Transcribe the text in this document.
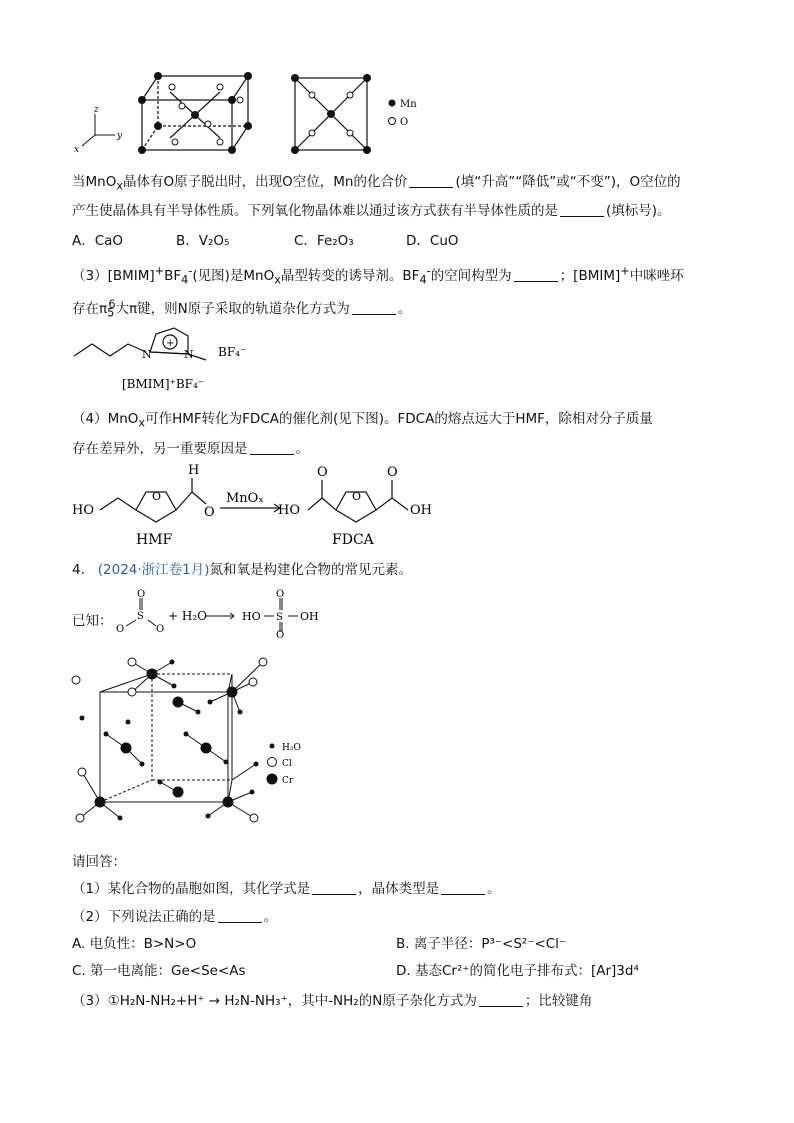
z
y
x
Mn
O
当MnO$_x$晶体有O原子脱出时，出现O空位，Mn的化合价	(填“升高”“降低”或“不变”)，O空位的
产生使晶体具有半导体性质。下列氧化物晶体难以通过该方式获有半导体性质的是	(填标号)。
A．CaO	B．V₂O₅	C．Fe₂O₃	D．CuO
$(3)[BMIM]^+BF_4^-$(见图)是MnO$_x$晶型转变的诱导剂。$BF_4^-$的空间构型为	；[BMIM]+中咪唑环
存在$\pi_5^6$大π键，则N原子采取的轨道杂化方式为	。
N	N
+
BF₄⁻
[BMIM]⁺BF₄⁻
（4）MnO$_x$可作HMF转化为FDCA的催化剂(见下图)。FDCA的熔点远大于HMF，除相对分子质量
存在差异外，另一重要原因是	。
HO
O
H
O
HMF
MnOₓ
HO
O
O
O
OH
FDCA
4. (2024·浙江卷1月)氮和氧是构建化合物的常见元素。
已知：
O
S
O	O
+ H₂O	HO
O
S
O
OH
H₂O
Cl
Cr
请回答：
（1）某化合物的晶胞如图，其化学式是	，晶体类型是	。
（2）下列说法正确的是	。
A. 电负性：B>N>O	B. 离子半径：P³⁻<S²⁻<Cl⁻
C. 第一电离能：Ge<Se<As	D. 基态Cr²⁺的简化电子排布式：[Ar]3d⁴
（3）①H₂N-NH₂+H⁺ → H₂N-NH₃⁺，其中-NH₂的N原子杂化方式为	；比较键角
